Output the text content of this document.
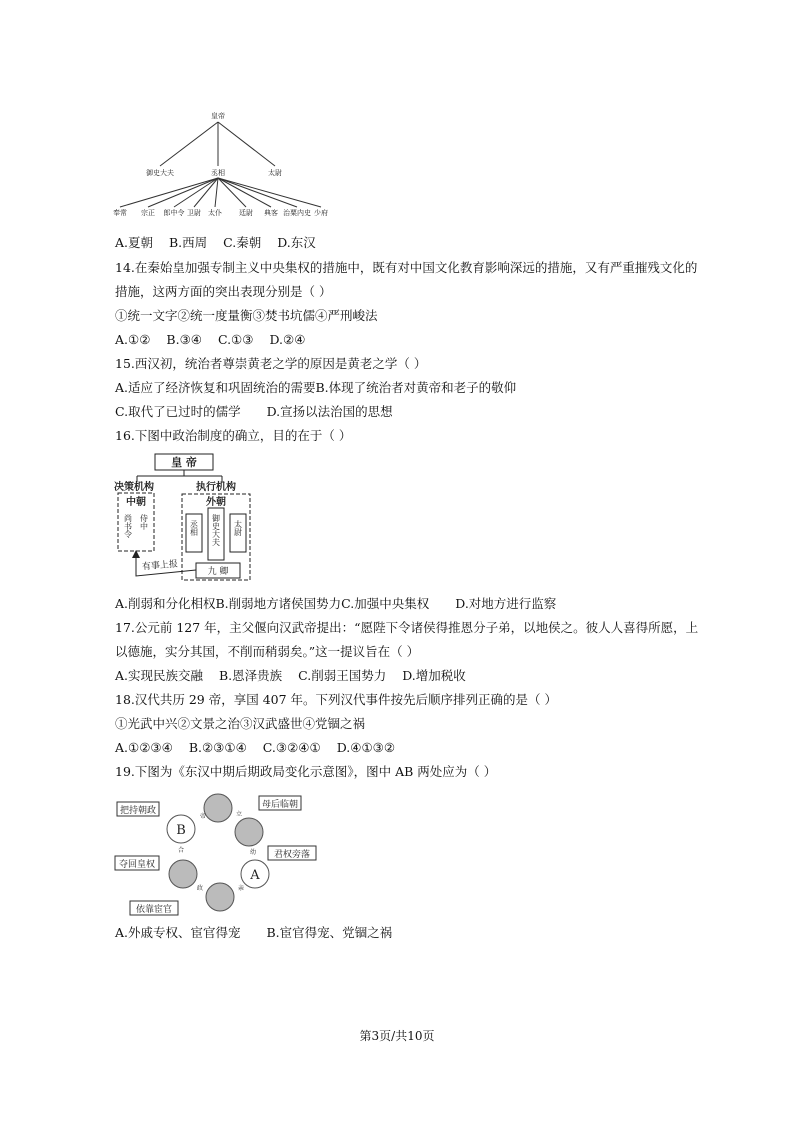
皇帝
御史大夫	丞相	太尉
奉常 宗正 郎中令 卫尉 太仆 廷尉 典客 治粟内史 少府
A.夏朝 B.西周 C.秦朝 D.东汉
14.在秦始皇加强专制主义中央集权的措施中，既有对中国文化教育影响深远的措施，又有严重摧残文化的
措施，这两方面的突出表现分别是（ ）
①统一文字②统一度量衡③焚书坑儒④严刑峻法
A.①② B.③④ C.①③ D.②④
15.西汉初，统治者尊崇黄老之学的原因是黄老之学（ ）
A.适应了经济恢复和巩固统治的需要B.体现了统治者对黄帝和老子的敬仰
C.取代了已过时的儒学 D.宣扬以法治国的思想
16.下图中政治制度的确立，目的在于（ ）
皇 帝
决策机构
中朝
尚书令 侍中
执行机构
外朝
丞相 御史大夫 太尉
九 卿
有事上报
A.削弱和分化相权B.削弱地方诸侯国势力C.加强中央集权 D.对地方进行监察
17.公元前 127 年，主父偃向汉武帝提出：“愿陛下令诸侯得推恩分子弟，以地侯之。彼人人喜得所愿，上
以德施，实分其国，不削而稍弱矣。”这一提议旨在（ ）
A.实现民族交融 B.恩泽贵族 C.削弱王国势力 D.增加税收
18.汉代共历 29 帝，享国 407 年。下列汉代事件按先后顺序排列正确的是（ ）
①光武中兴②文景之治③汉武盛世④党锢之祸
A.①②③④ B.②③①④ C.③②④① D.④①③②
19.下图为《东汉中期后期政局变化示意图》，图中 AB 两处应为（ ）
B
A
立
帝
幼
亲
政
合
把持朝政
母后临朝
君权旁落
夺回皇权
依靠宦官
A.外戚专权、宦官得宠 B.宦官得宠、党锢之祸
第3页/共10页
